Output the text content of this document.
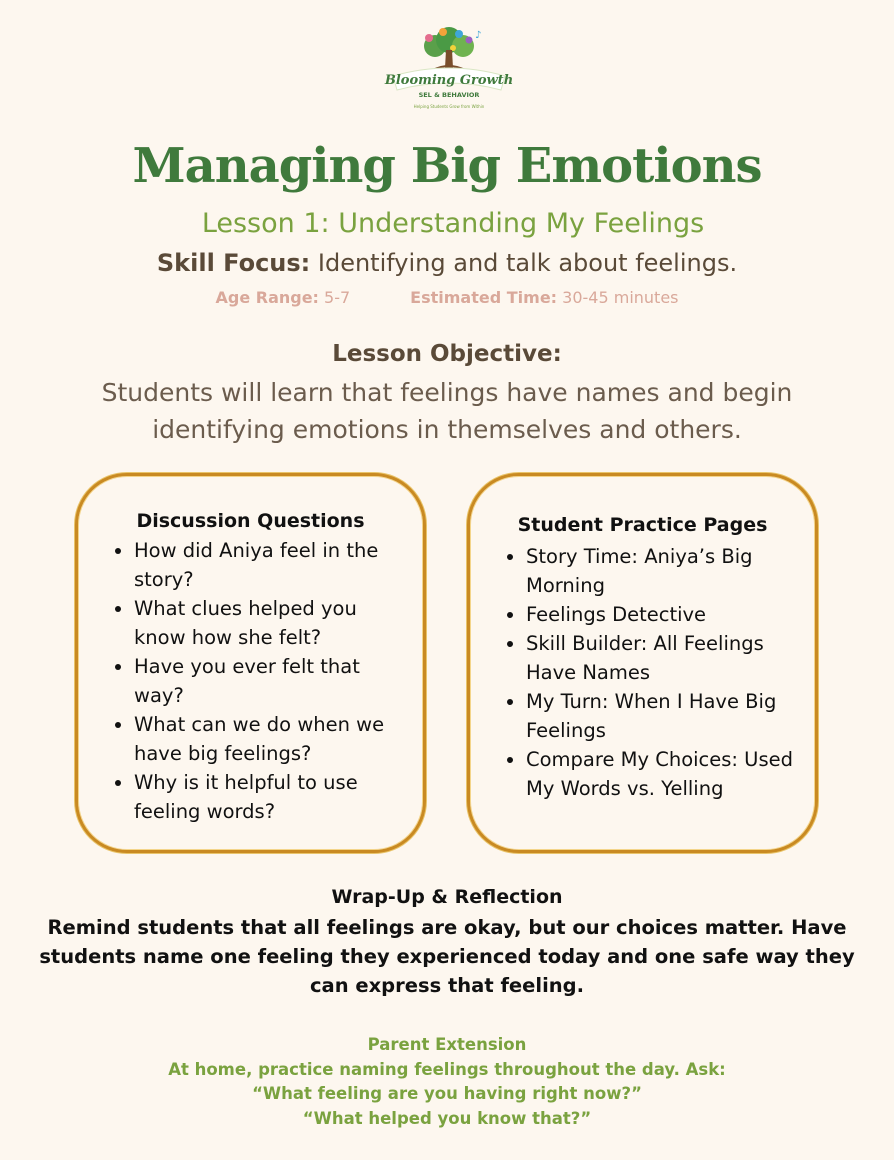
♪
Blooming Growth
SEL & BEHAVIOR
Helping Students Grow from Within
Managing Big Emotions
Lesson 1: Understanding My Feelings
Skill Focus: Identifying and talk about feelings.
Age Range: 5-7	Estimated Time: 30-45 minutes
Lesson Objective:
Students will learn that feelings have names and begin identifying emotions in themselves and others.
Discussion Questions
• How did Aniya feel in the story?
• What clues helped you know how she felt?
• Have you ever felt that way?
• What can we do when we have big feelings?
• Why is it helpful to use feeling words?
Student Practice Pages
• Story Time: Aniya’s Big Morning
• Feelings Detective
• Skill Builder: All Feelings Have Names
• My Turn: When I Have Big Feelings
• Compare My Choices: Used My Words vs. Yelling
Wrap-Up & Reflection
Remind students that all feelings are okay, but our choices matter. Have students name one feeling they experienced today and one safe way they can express that feeling.
Parent Extension
At home, practice naming feelings throughout the day. Ask:
“What feeling are you having right now?”
“What helped you know that?”
